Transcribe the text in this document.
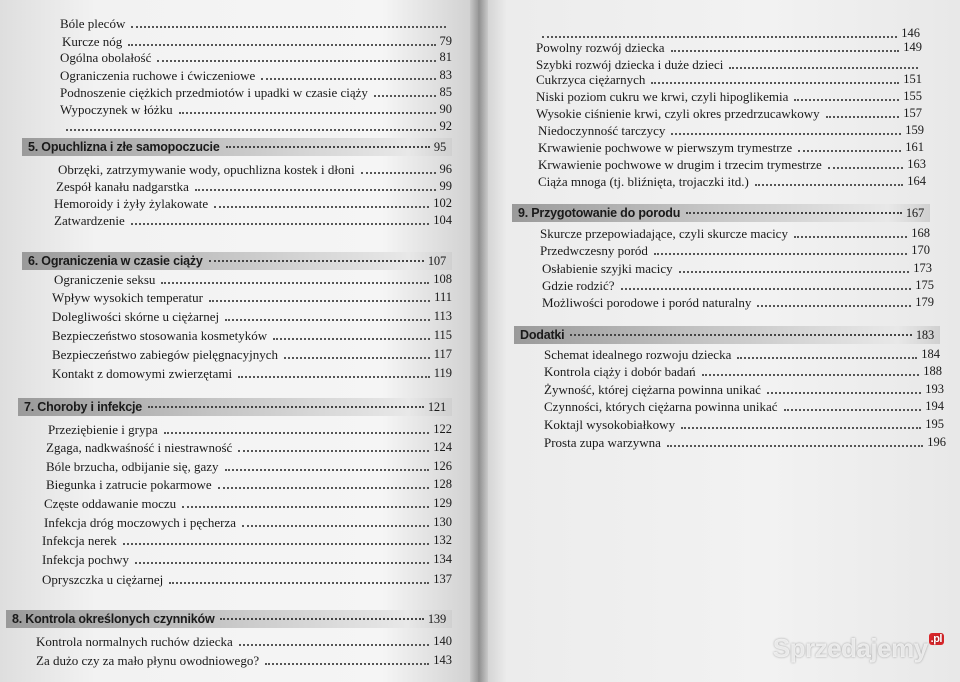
Bóle pleców
Kurcze nóg	79
Ogólna obolałość	81
Ograniczenia ruchowe i ćwiczeniowe	83
Podnoszenie ciężkich przedmiotów i upadki w czasie ciąży	85
Wypoczynek w łóżku	90
92
5. Opuchlizna i złe samopoczucie	95
Obrzęki, zatrzymywanie wody, opuchlizna kostek i dłoni	96
Zespół kanału nadgarstka	99
Hemoroidy i żyły żylakowate	102
Zatwardzenie	104
6. Ograniczenia w czasie ciąży	107
Ograniczenie seksu	108
Wpływ wysokich temperatur	111
Dolegliwości skórne u ciężarnej	113
Bezpieczeństwo stosowania kosmetyków	115
Bezpieczeństwo zabiegów pielęgnacyjnych	117
Kontakt z domowymi zwierzętami	119
7. Choroby i infekcje	121
Przeziębienie i grypa	122
Zgaga, nadkwaśność i niestrawność	124
Bóle brzucha, odbijanie się, gazy	126
Biegunka i zatrucie pokarmowe	128
Częste oddawanie moczu	129
Infekcja dróg moczowych i pęcherza	130
Infekcja nerek	132
Infekcja pochwy	134
Opryszczka u ciężarnej	137
8. Kontrola określonych czynników	139
Kontrola normalnych ruchów dziecka	140
Za dużo czy za mało płynu owodniowego?	143
146
Powolny rozwój dziecka	149
Szybki rozwój dziecka i duże dzieci
Cukrzyca ciężarnych	151
Niski poziom cukru we krwi, czyli hipoglikemia	155
Wysokie ciśnienie krwi, czyli okres przedrzucawkowy	157
Niedoczynność tarczycy	159
Krwawienie pochwowe w pierwszym trymestrze	161
Krwawienie pochwowe w drugim i trzecim trymestrze	163
Ciąża mnoga (tj. bliźnięta, trojaczki itd.)	164
9. Przygotowanie do porodu	167
Skurcze przepowiadające, czyli skurcze macicy	168
Przedwczesny poród	170
Osłabienie szyjki macicy	173
Gdzie rodzić?	175
Możliwości porodowe i poród naturalny	179
Dodatki	183
Schemat idealnego rozwoju dziecka	184
Kontrola ciąży i dobór badań	188
Żywność, której ciężarna powinna unikać	193
Czynności, których ciężarna powinna unikać	194
Koktajl wysokobiałkowy	195
Prosta zupa warzywna	196
Sprzedajemy $^{.pl}$
